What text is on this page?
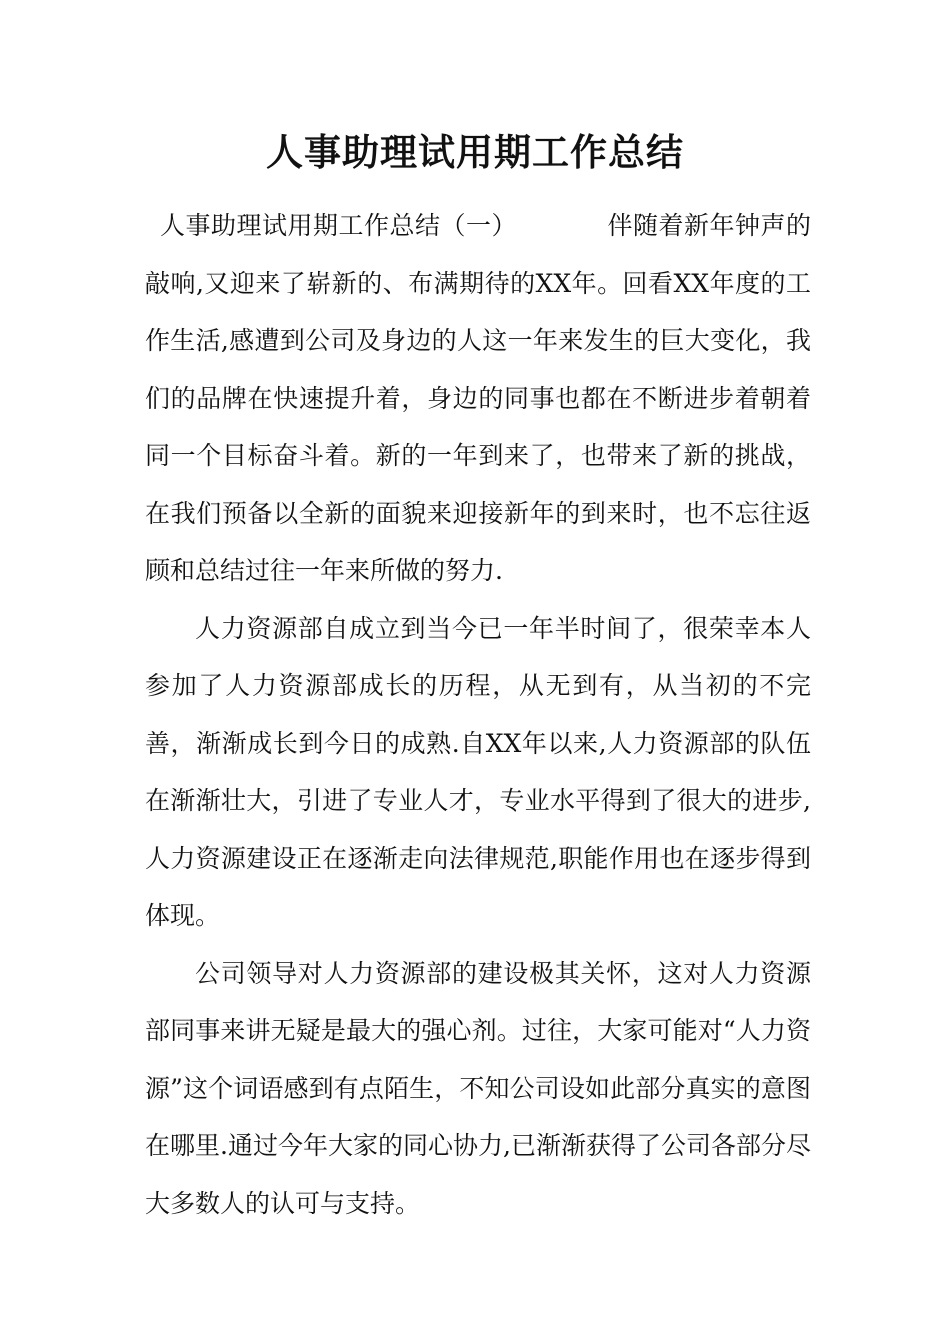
人事助理试用期工作总结

人事助理试用期工作总结（一）	伴随着新年钟声的敲响,又迎来了崭新的、布满期待的XX年。回看XX年度的工作生活,感遭到公司及身边的人这一年来发生的巨大变化，我们的品牌在快速提升着，身边的同事也都在不断进步着朝着同一个目标奋斗着。新的一年到来了，也带来了新的挑战，在我们预备以全新的面貌来迎接新年的到来时，也不忘往返顾和总结过往一年来所做的努力.

人力资源部自成立到当今已一年半时间了，很荣幸本人参加了人力资源部成长的历程，从无到有，从当初的不完善，渐渐成长到今日的成熟.自XX年以来,人力资源部的队伍在渐渐壮大，引进了专业人才，专业水平得到了很大的进步,人力资源建设正在逐渐走向法律规范,职能作用也在逐步得到体现。

公司领导对人力资源部的建设极其关怀，这对人力资源部同事来讲无疑是最大的强心剂。过往，大家可能对“人力资源”这个词语感到有点陌生，不知公司设如此部分真实的意图在哪里.通过今年大家的同心协力,已渐渐获得了公司各部分尽大多数人的认可与支持。
